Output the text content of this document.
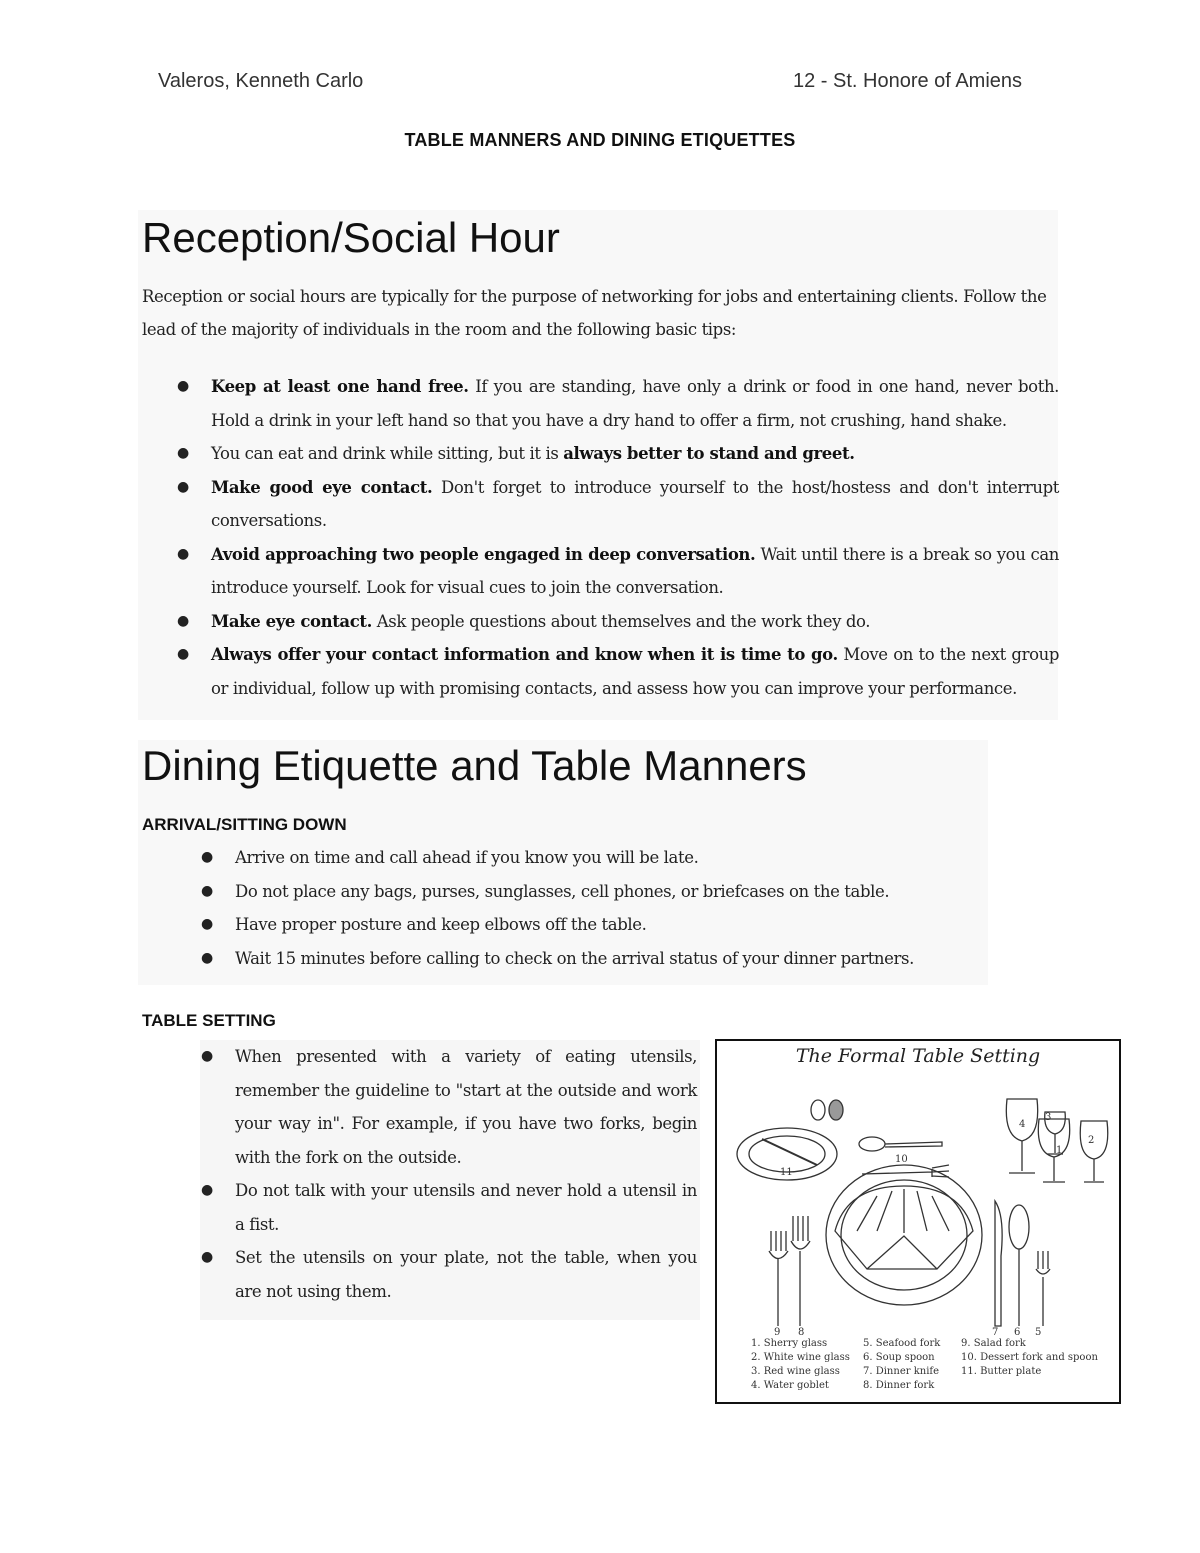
Valeros, Kenneth Carlo	12 - St. Honore of Amiens
TABLE MANNERS AND DINING ETIQUETTES
Reception/Social Hour
Reception or social hours are typically for the purpose of networking for jobs and entertaining clients. Follow the lead of the majority of individuals in the room and the following basic tips:
● Keep at least one hand free. If you are standing, have only a drink or food in one hand, never both. Hold a drink in your left hand so that you have a dry hand to offer a firm, not crushing, hand shake.
● You can eat and drink while sitting, but it is always better to stand and greet.
● Make good eye contact. Don't forget to introduce yourself to the host/hostess and don't interrupt conversations.
● Avoid approaching two people engaged in deep conversation. Wait until there is a break so you can introduce yourself. Look for visual cues to join the conversation.
● Make eye contact. Ask people questions about themselves and the work they do.
● Always offer your contact information and know when it is time to go. Move on to the next group or individual, follow up with promising contacts, and assess how you can improve your performance.
Dining Etiquette and Table Manners
ARRIVAL/SITTING DOWN
● Arrive on time and call ahead if you know you will be late.
● Do not place any bags, purses, sunglasses, cell phones, or briefcases on the table.
● Have proper posture and keep elbows off the table.
● Wait 15 minutes before calling to check on the arrival status of your dinner partners.
TABLE SETTING
● When presented with a variety of eating utensils, remember the guideline to "start at the outside and work your way in". For example, if you have two forks, begin with the fork on the outside.
● Do not talk with your utensils and never hold a utensil in a fist.
● Set the utensils on your plate, not the table, when you are not using them.
The Formal Table Setting
1
2
3
4
5
6
7
8
9
10
11
1. Sherry glass
2. White wine glass
3. Red wine glass
4. Water goblet
5. Seafood fork
6. Soup spoon
7. Dinner knife
8. Dinner fork
9. Salad fork
10. Dessert fork and spoon
11. Butter plate
